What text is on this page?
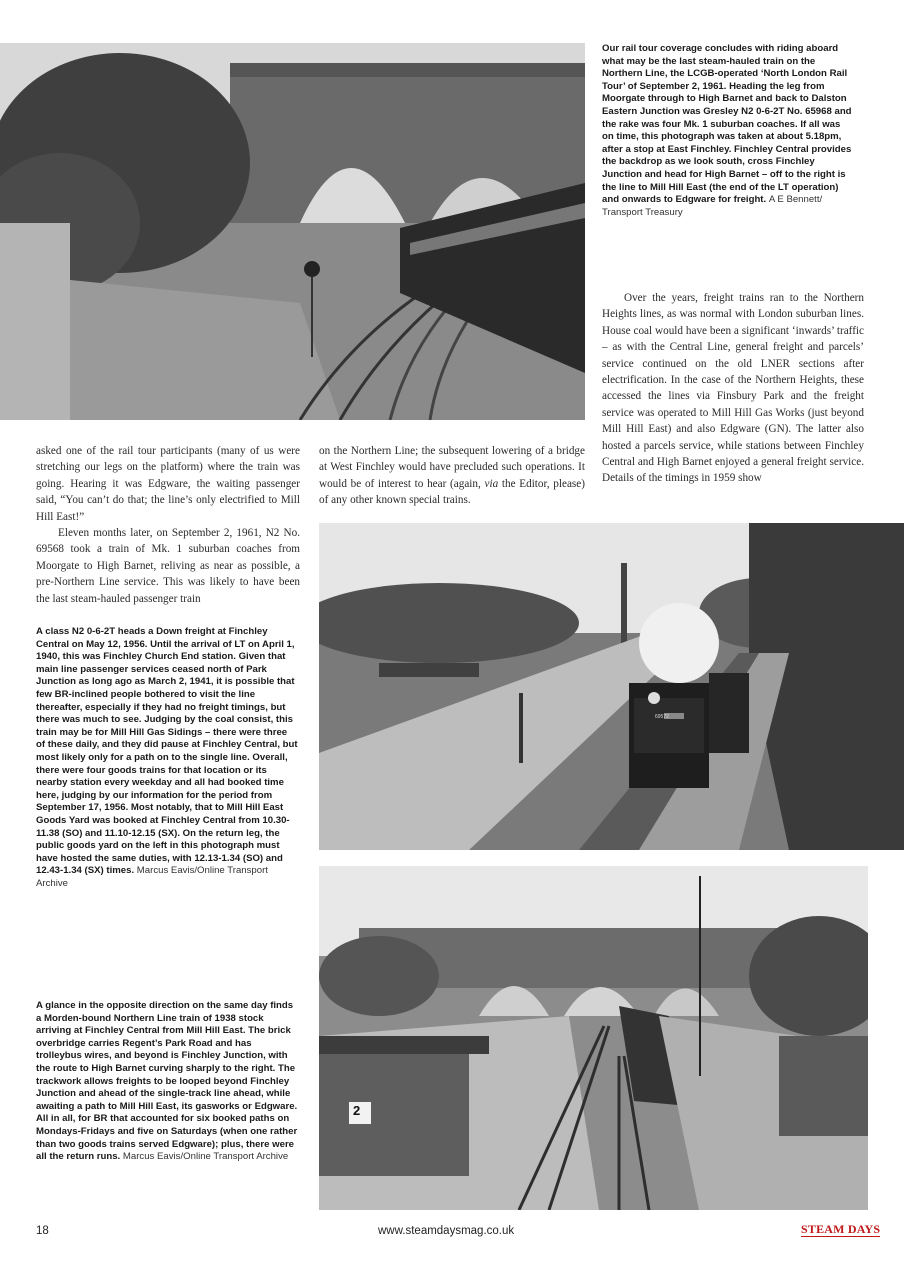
Our rail tour coverage concludes with riding aboard what may be the last steam-hauled train on the Northern Line, the LCGB-operated ‘North London Rail Tour’ of September 2, 1961. Heading the leg from Moorgate through to High Barnet and back to Dalston Eastern Junction was Gresley N2 0-6-2T No. 65968 and the rake was four Mk. 1 suburban coaches. If all was on time, this photograph was taken at about 5.18pm, after a stop at East Finchley. Finchley Central provides the backdrop as we look south, cross Finchley Junction and head for High Barnet – off to the right is the line to Mill Hill East (the end of the LT operation) and onwards to Edgware for freight. A E Bennett/ Transport Treasury

Over the years, freight trains ran to the Northern Heights lines, as was normal with London suburban lines. House coal would have been a significant ‘inwards’ traffic – as with the Central Line, general freight and parcels’ service continued on the old LNER sections after electrification. In the case of the Northern Heights, these accessed the lines via Finsbury Park and the freight service was operated to Mill Hill Gas Works (just beyond Mill Hill East) and also Edgware (GN). The latter also hosted a parcels service, while stations between Finchley Central and High Barnet enjoyed a general freight service. Details of the timings in 1959 show

asked one of the rail tour participants (many of us were stretching our legs on the platform) where the train was going. Hearing it was Edgware, the waiting passenger said, “You can’t do that; the line’s only electrified to Mill Hill East!”

Eleven months later, on September 2, 1961, N2 No. 69568 took a train of Mk. 1 suburban coaches from Moorgate to High Barnet, reliving as near as possible, a pre-Northern Line service. This was likely to have been the last steam-hauled passenger train

on the Northern Line; the subsequent lowering of a bridge at West Finchley would have precluded such operations. It would be of interest to hear (again, via the Editor, please) of any other known special trains.

69572
A class N2 0-6-2T heads a Down freight at Finchley Central on May 12, 1956. Until the arrival of LT on April 1, 1940, this was Finchley Church End station. Given that main line passenger services ceased north of Park Junction as long ago as March 2, 1941, it is possible that few BR-inclined people bothered to visit the line thereafter, especially if they had no freight timings, but there was much to see. Judging by the coal consist, this train may be for Mill Hill Gas Sidings – there were three of these daily, and they did pause at Finchley Central, but most likely only for a path on to the single line. Overall, there were four goods trains for that location or its nearby station every weekday and all had booked time here, judging by our information for the period from September 17, 1956. Most notably, that to Mill Hill East Goods Yard was booked at Finchley Central from 10.30-11.38 (SO) and 11.10-12.15 (SX). On the return leg, the public goods yard on the left in this photograph must have hosted the same duties, with 12.13-1.34 (SO) and 12.43-1.34 (SX) times. Marcus Eavis/Online Transport Archive
A glance in the opposite direction on the same day finds a Morden-bound Northern Line train of 1938 stock arriving at Finchley Central from Mill Hill East. The brick overbridge carries Regent’s Park Road and has trolleybus wires, and beyond is Finchley Junction, with the route to High Barnet curving sharply to the right. The trackwork allows freights to be looped beyond Finchley Junction and ahead of the single-track line ahead, while awaiting a path to Mill Hill East, its gasworks or Edgware. All in all, for BR that accounted for six booked paths on Mondays-Fridays and five on Saturdays (when one rather than two goods trains served Edgware); plus, there were all the return runs. Marcus Eavis/Online Transport Archive
2
18	www.steamdaysmag.co.uk	STEAM DAYS
